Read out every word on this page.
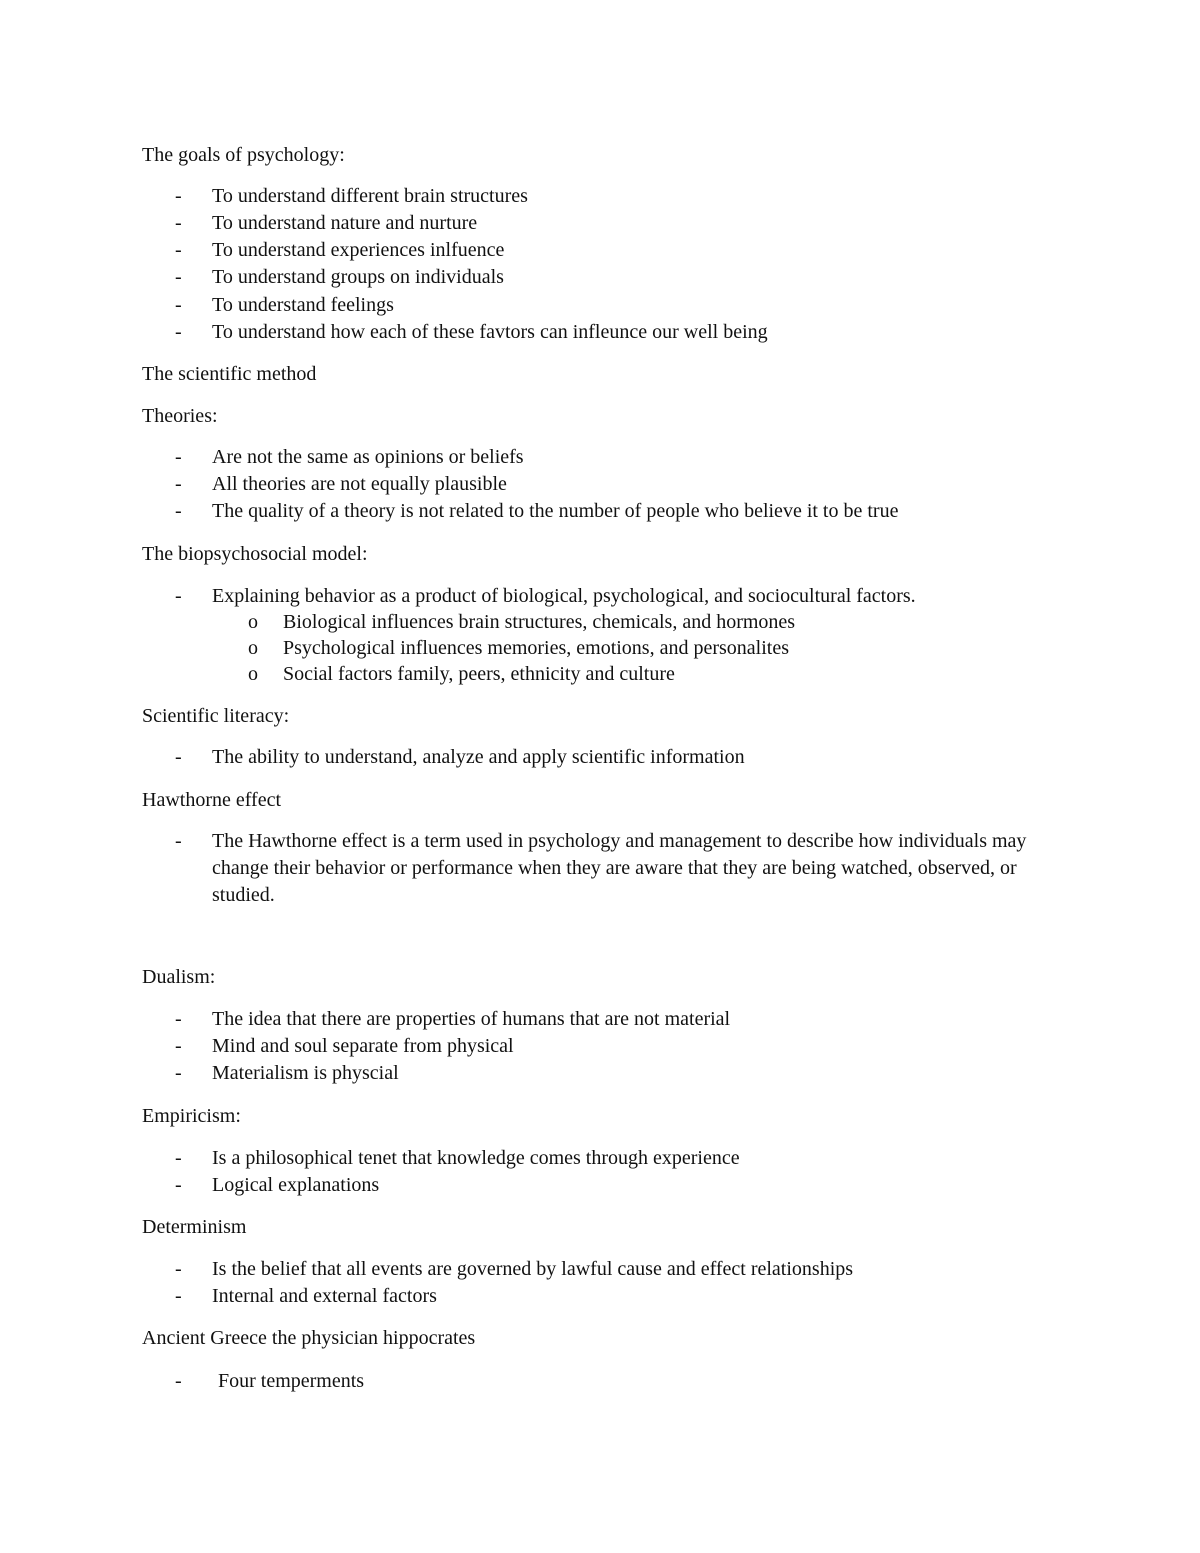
The goals of psychology:
- To understand different brain structures
- To understand nature and nurture
- To understand experiences inlfuence
- To understand groups on individuals
- To understand feelings
- To understand how each of these favtors can infleunce our well being
The scientific method
Theories:
- Are not the same as opinions or beliefs
- All theories are not equally plausible
- The quality of a theory is not related to the number of people who believe it to be true
The biopsychosocial model:
- Explaining behavior as a product of biological, psychological, and sociocultural factors.
o Biological influences brain structures, chemicals, and hormones
o Psychological influences memories, emotions, and personalites
o Social factors family, peers, ethnicity and culture
Scientific literacy:
- The ability to understand, analyze and apply scientific information
Hawthorne effect
- The Hawthorne effect is a term used in psychology and management to describe how individuals may change their behavior or performance when they are aware that they are being watched, observed, or studied.
Dualism:
- The idea that there are properties of humans that are not material
- Mind and soul separate from physical
- Materialism is physcial
Empiricism:
- Is a philosophical tenet that knowledge comes through experience
- Logical explanations
Determinism
- Is the belief that all events are governed by lawful cause and effect relationships
- Internal and external factors
Ancient Greece the physician hippocrates
- Four temperments
